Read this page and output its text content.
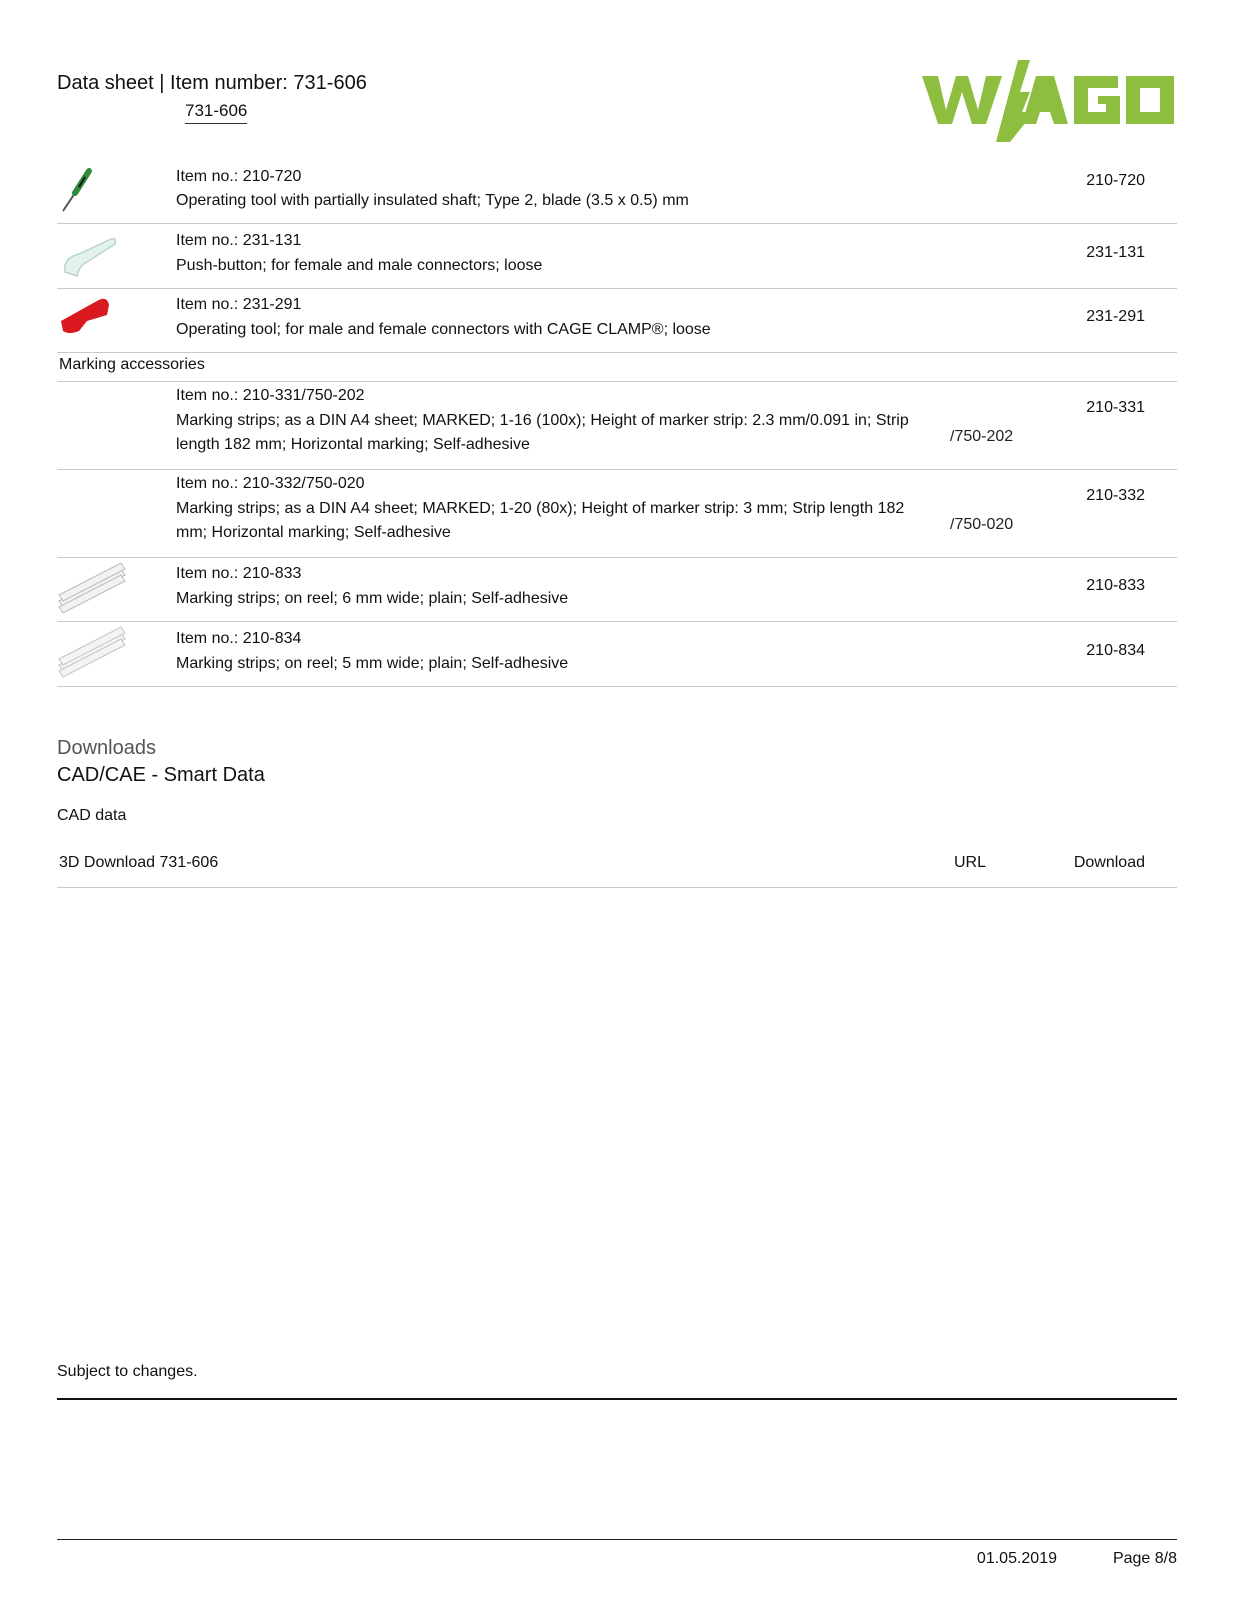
Data sheet | Item number: 731-606
731-606
Item no.: 210-720
Operating tool with partially insulated shaft; Type 2, blade (3.5 x 0.5) mm
210-720
Item no.: 231-131
Push-button; for female and male connectors; loose
231-131
Item no.: 231-291
Operating tool; for male and female connectors with CAGE CLAMP®; loose
231-291
Marking accessories
Item no.: 210-331/750-202
Marking strips; as a DIN A4 sheet; MARKED; 1-16 (100x); Height of marker strip: 2.3 mm/0.091 in; Strip length 182 mm; Horizontal marking; Self-adhesive	/750-202
210-331
Item no.: 210-332/750-020
Marking strips; as a DIN A4 sheet; MARKED; 1-20 (80x); Height of marker strip: 3 mm; Strip length 182 mm; Horizontal marking; Self-adhesive	/750-020
210-332
Item no.: 210-833
Marking strips; on reel; 6 mm wide; plain; Self-adhesive
210-833
Item no.: 210-834
Marking strips; on reel; 5 mm wide; plain; Self-adhesive
210-834
Downloads
CAD/CAE - Smart Data
CAD data
3D Download 731-606	URL	Download
Subject to changes.
01.05.2019	Page 8/8
